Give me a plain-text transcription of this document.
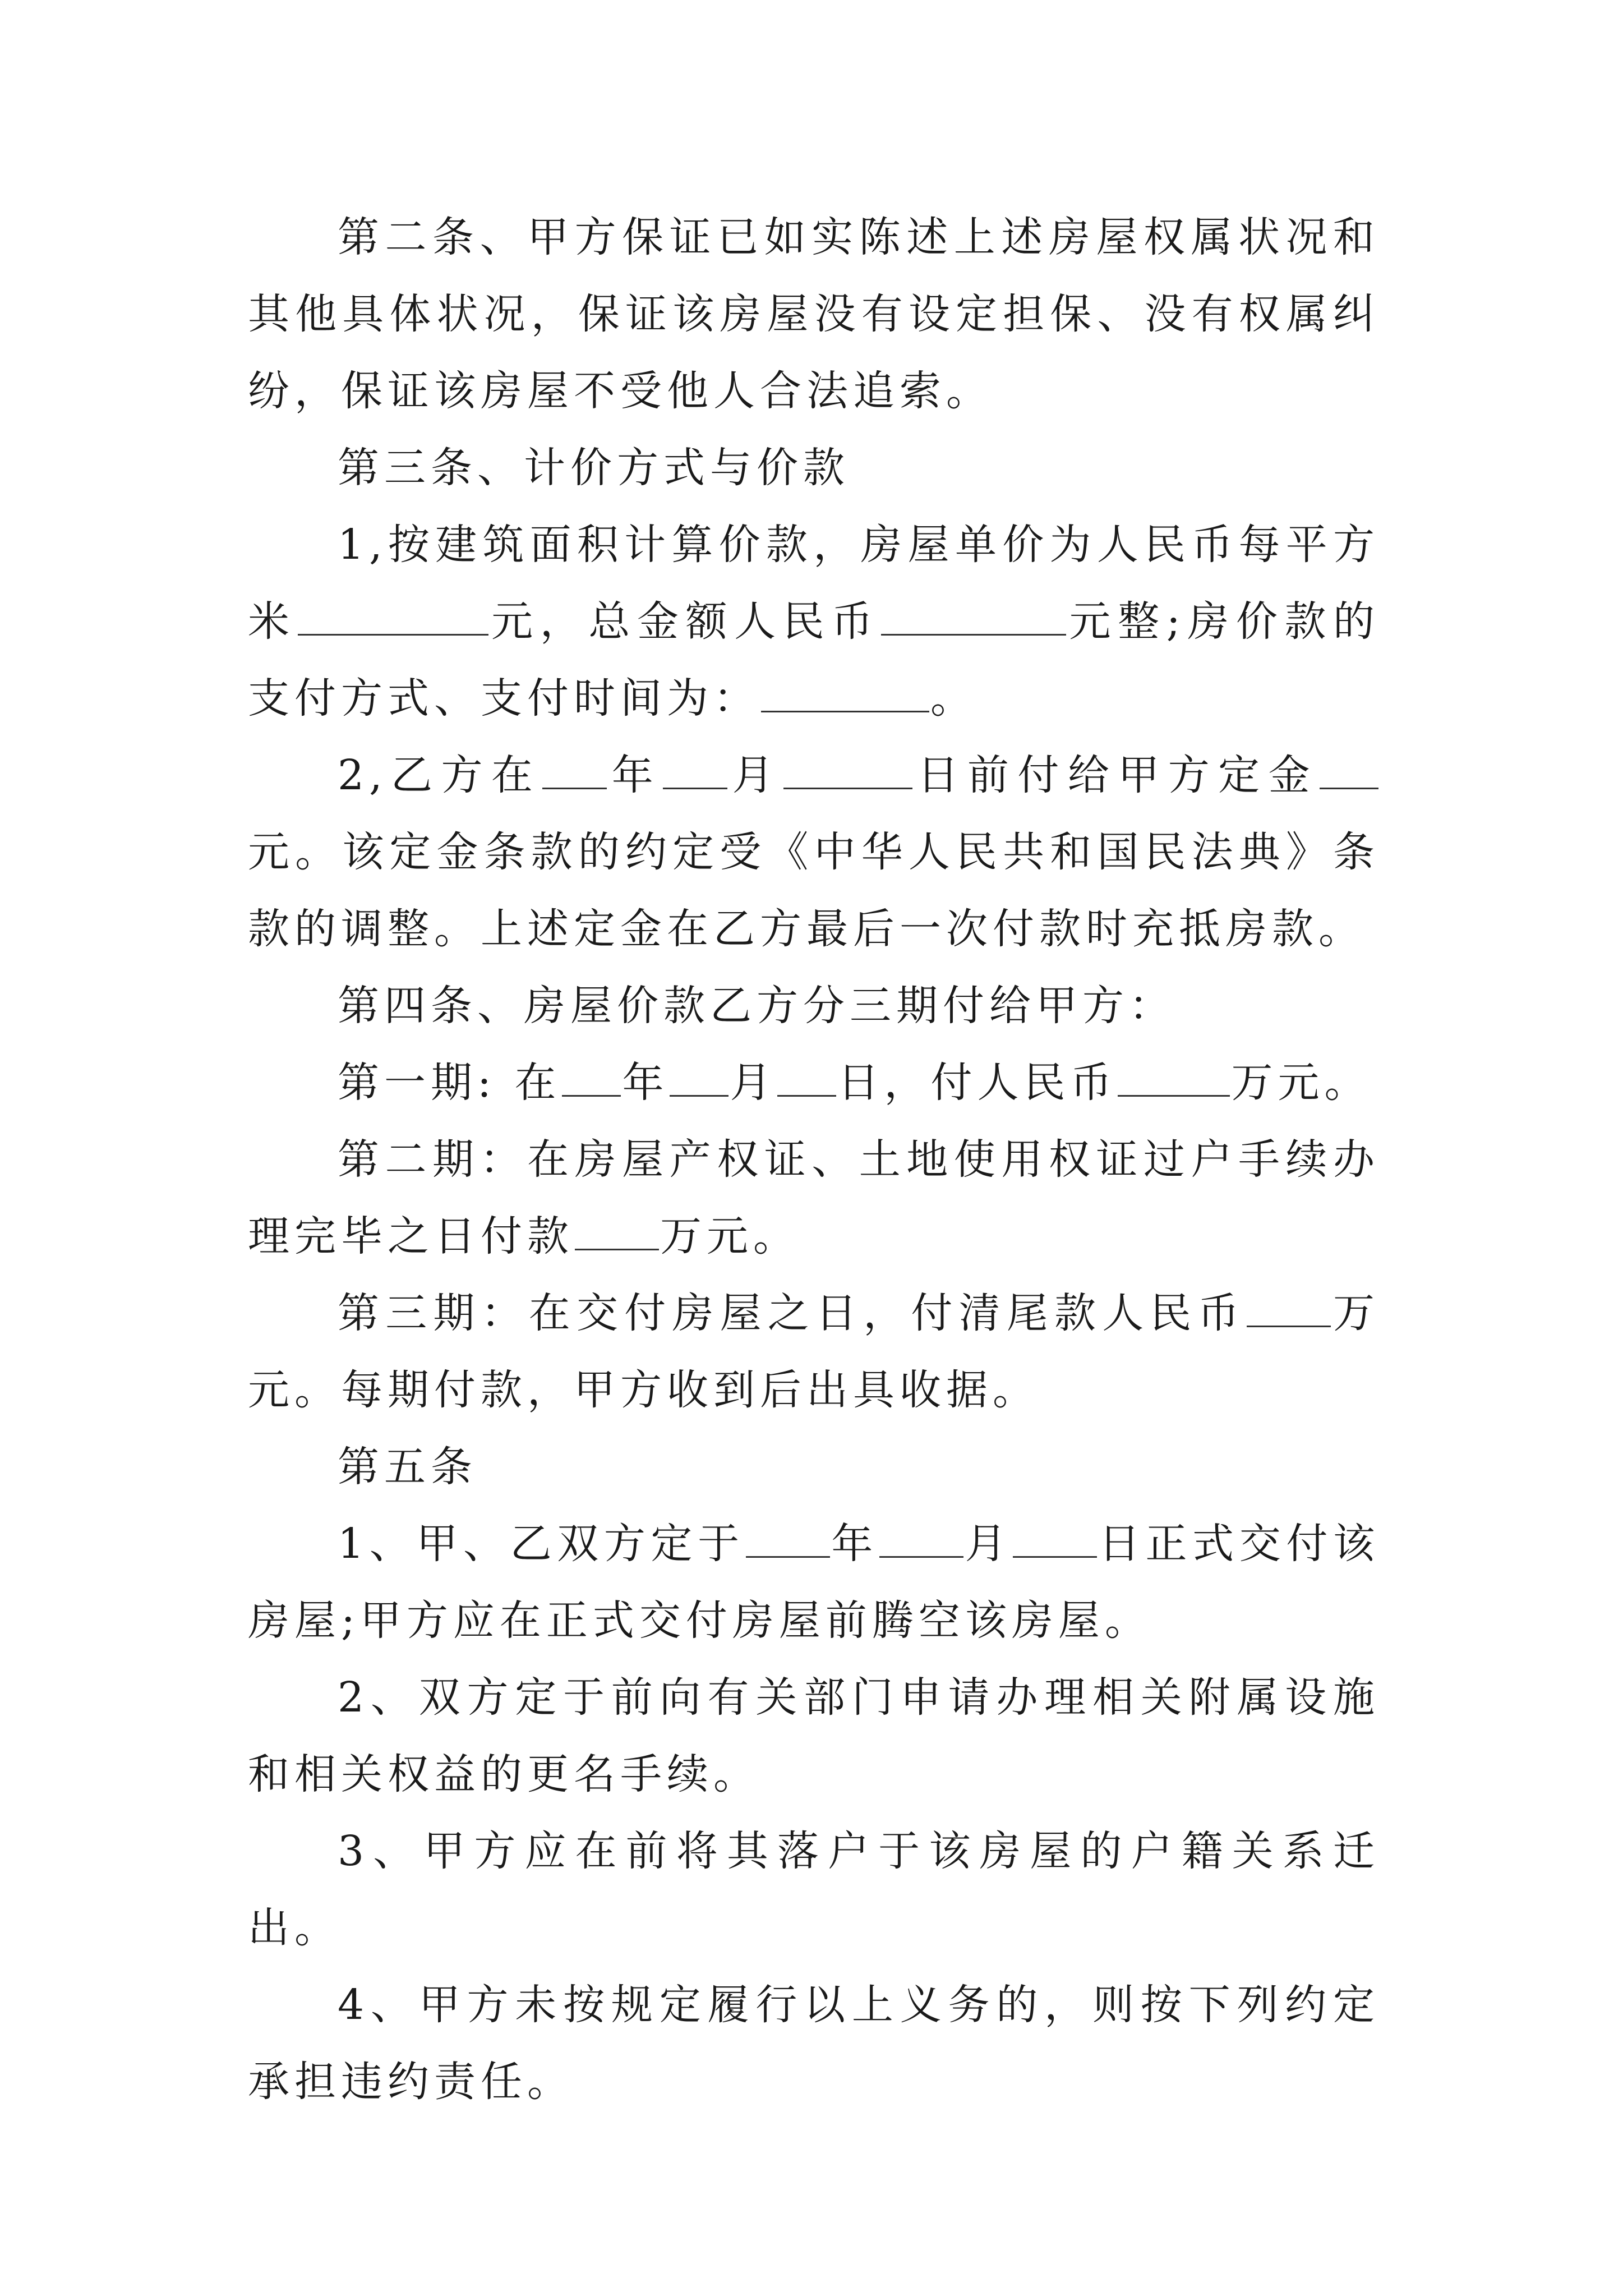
第二条、甲方保证已如实陈述上述房屋权属状况和其他具体状况，保证该房屋没有设定担保、没有权属纠纷，保证该房屋不受他人合法追索。

第三条、计价方式与价款

1,按建筑面积计算价款，房屋单价为人民币每平方米	元，总金额人民币	元整;房价款的支付方式、支付时间为：	。

2,乙方在 年 月	日前付给甲方定金元。该定金条款的约定受《中华人民共和国民法典》条款的调整。上述定金在乙方最后一次付款时充抵房款。

第四条、房屋价款乙方分三期付给甲方：

第一期: 在 年 月 日，付人民币	万元。

第二期：在房屋产权证、土地使用权证过户手续办理完毕之日付款 万元。

第三期：在交付房屋之日，付清尾款人民币 万元。每期付款，甲方收到后出具收据。

第五条

1、甲、乙双方定于 年 月 日正式交付该房屋;甲方应在正式交付房屋前腾空该房屋。

2、双方定于前向有关部门申请办理相关附属设施和相关权益的更名手续。

3、甲方应在前将其落户于该房屋的户籍关系迁出。

4、甲方未按规定履行以上义务的，则按下列约定承担违约责任。
